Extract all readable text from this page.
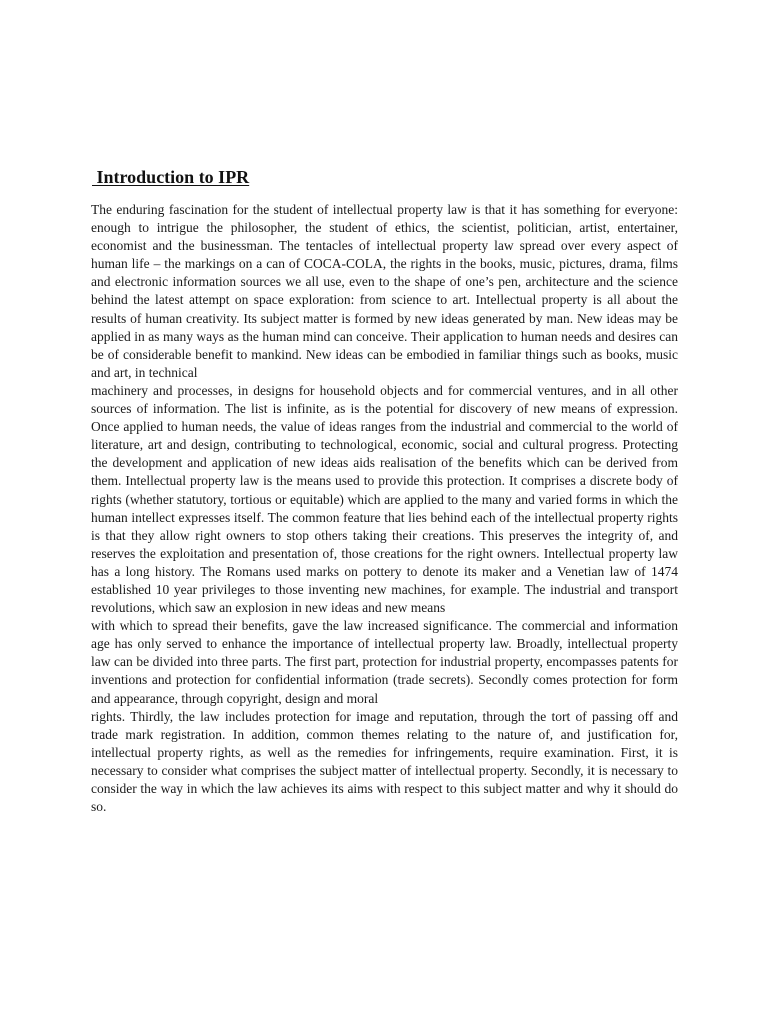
Introduction to IPR

The enduring fascination for the student of intellectual property law is that it has something for everyone: enough to intrigue the philosopher, the student of ethics, the scientist, politician, artist, entertainer, economist and the businessman. The tentacles of intellectual property law spread over every aspect of human life – the markings on a can of COCA-COLA, the rights in the books, music, pictures, drama, films and electronic information sources we all use, even to the shape of one’s pen, architecture and the science behind the latest attempt on space exploration: from science to art. Intellectual property is all about the results of human creativity. Its subject matter is formed by new ideas generated by man. New ideas may be applied in as many ways as the human mind can conceive. Their application to human needs and desires can be of considerable benefit to mankind. New ideas can be embodied in familiar things such as books, music and art, in technical

machinery and processes, in designs for household objects and for commercial ventures, and in all other sources of information. The list is infinite, as is the potential for discovery of new means of expression. Once applied to human needs, the value of ideas ranges from the industrial and commercial to the world of literature, art and design, contributing to technological, economic, social and cultural progress. Protecting the development and application of new ideas aids realisation of the benefits which can be derived from them. Intellectual property law is the means used to provide this protection. It comprises a discrete body of rights (whether statutory, tortious or equitable) which are applied to the many and varied forms in which the human intellect expresses itself. The common feature that lies behind each of the intellectual property rights is that they allow right owners to stop others taking their creations. This preserves the integrity of, and reserves the exploitation and presentation of, those creations for the right owners. Intellectual property law has a long history. The Romans used marks on pottery to denote its maker and a Venetian law of 1474 established 10 year privileges to those inventing new machines, for example. The industrial and transport revolutions, which saw an explosion in new ideas and new means

with which to spread their benefits, gave the law increased significance. The commercial and information age has only served to enhance the importance of intellectual property law. Broadly, intellectual property law can be divided into three parts. The first part, protection for industrial property, encompasses patents for inventions and protection for confidential information (trade secrets). Secondly comes protection for form and appearance, through copyright, design and moral

rights. Thirdly, the law includes protection for image and reputation, through the tort of passing off and trade mark registration. In addition, common themes relating to the nature of, and justification for, intellectual property rights, as well as the remedies for infringements, require examination. First, it is necessary to consider what comprises the subject matter of intellectual property. Secondly, it is necessary to consider the way in which the law achieves its aims with respect to this subject matter and why it should do so.
